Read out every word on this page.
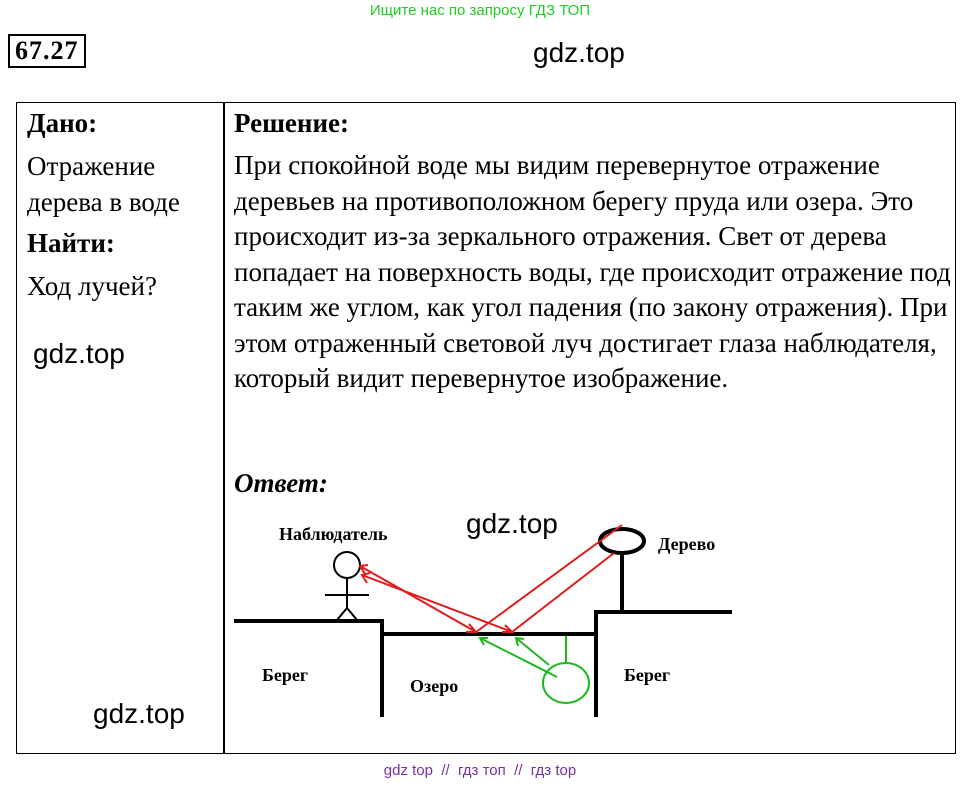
Ищите нас по запросу ГДЗ ТОП
67.27	gdz.top
Дано:
Отражение дерева в воде
Найти:
Ход лучей?
gdz.top
gdz.top
Решение:
При спокойной воде мы видим перевернутое отражение деревьев на противоположном берегу пруда или озера. Это происходит из-за зеркального отражения. Свет от дерева попадает на поверхность воды, где происходит отражение под таким же углом, как угол падения (по закону отражения). При этом отраженный световой луч достигает глаза наблюдателя, который видит перевернутое изображение.
Ответ:
Наблюдатель	Дерево
Берег
Озеро
Берег
gdz.top
gdz top  //  гдз топ  //  гдз top
